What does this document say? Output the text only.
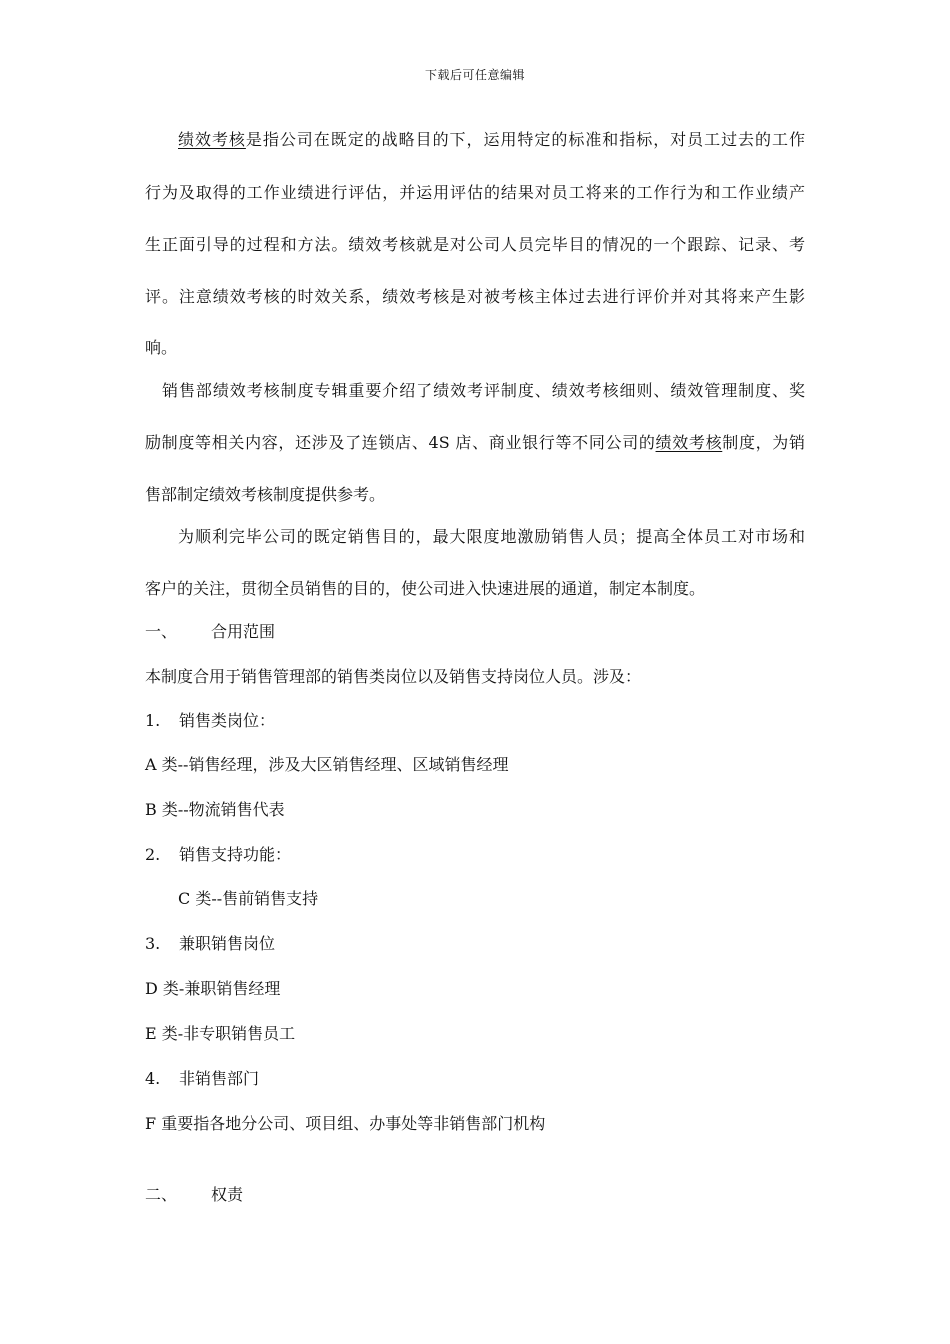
下载后可任意编辑
绩效考核是指公司在既定的战略目的下，运用特定的标准和指标，对员工过去的工作
行为及取得的工作业绩进行评估，并运用评估的结果对员工将来的工作行为和工作业绩产
生正面引导的过程和方法。绩效考核就是对公司人员完毕目的情况的一个跟踪、记录、考
评。注意绩效考核的时效关系，绩效考核是对被考核主体过去进行评价并对其将来产生影
响。
销售部绩效考核制度专辑重要介绍了绩效考评制度、绩效考核细则、绩效管理制度、奖
励制度等相关内容，还涉及了连锁店、4S 店、商业银行等不同公司的绩效考核制度，为销
售部制定绩效考核制度提供参考。
为顺利完毕公司的既定销售目的，最大限度地激励销售人员；提高全体员工对市场和
客户的关注，贯彻全员销售的目的，使公司进入快速进展的通道，制定本制度。
一、 合用范围
本制度合用于销售管理部的销售类岗位以及销售支持岗位人员。涉及：
1. 销售类岗位：
A 类--销售经理，涉及大区销售经理、区域销售经理
B 类--物流销售代表
2. 销售支持功能：
C 类--售前销售支持
3. 兼职销售岗位
D 类-兼职销售经理
E 类-非专职销售员工
4. 非销售部门
F 重要指各地分公司、项目组、办事处等非销售部门机构
二、 权责
